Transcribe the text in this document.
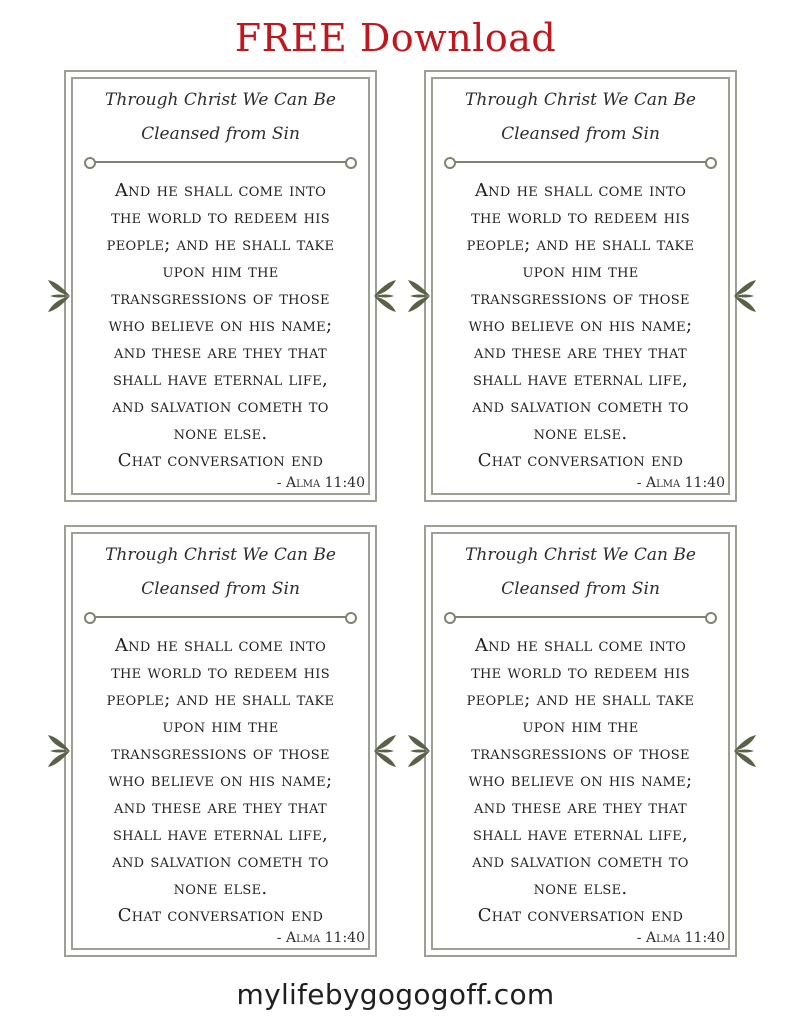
FREE Download
Through Christ We Can Be
Cleansed from Sin
And he shall come into
the world to redeem his
people; and he shall take
upon him the
transgressions of those
who believe on his name;
and these are they that
shall have eternal life,
and salvation cometh to
none else.
Chat conversation end
- Alma 11:40
Through Christ We Can Be
Cleansed from Sin
And he shall come into
the world to redeem his
people; and he shall take
upon him the
transgressions of those
who believe on his name;
and these are they that
shall have eternal life,
and salvation cometh to
none else.
Chat conversation end
- Alma 11:40
Through Christ We Can Be
Cleansed from Sin
And he shall come into
the world to redeem his
people; and he shall take
upon him the
transgressions of those
who believe on his name;
and these are they that
shall have eternal life,
and salvation cometh to
none else.
Chat conversation end
- Alma 11:40
Through Christ We Can Be
Cleansed from Sin
And he shall come into
the world to redeem his
people; and he shall take
upon him the
transgressions of those
who believe on his name;
and these are they that
shall have eternal life,
and salvation cometh to
none else.
Chat conversation end
- Alma 11:40
mylifebygogogoff.com
